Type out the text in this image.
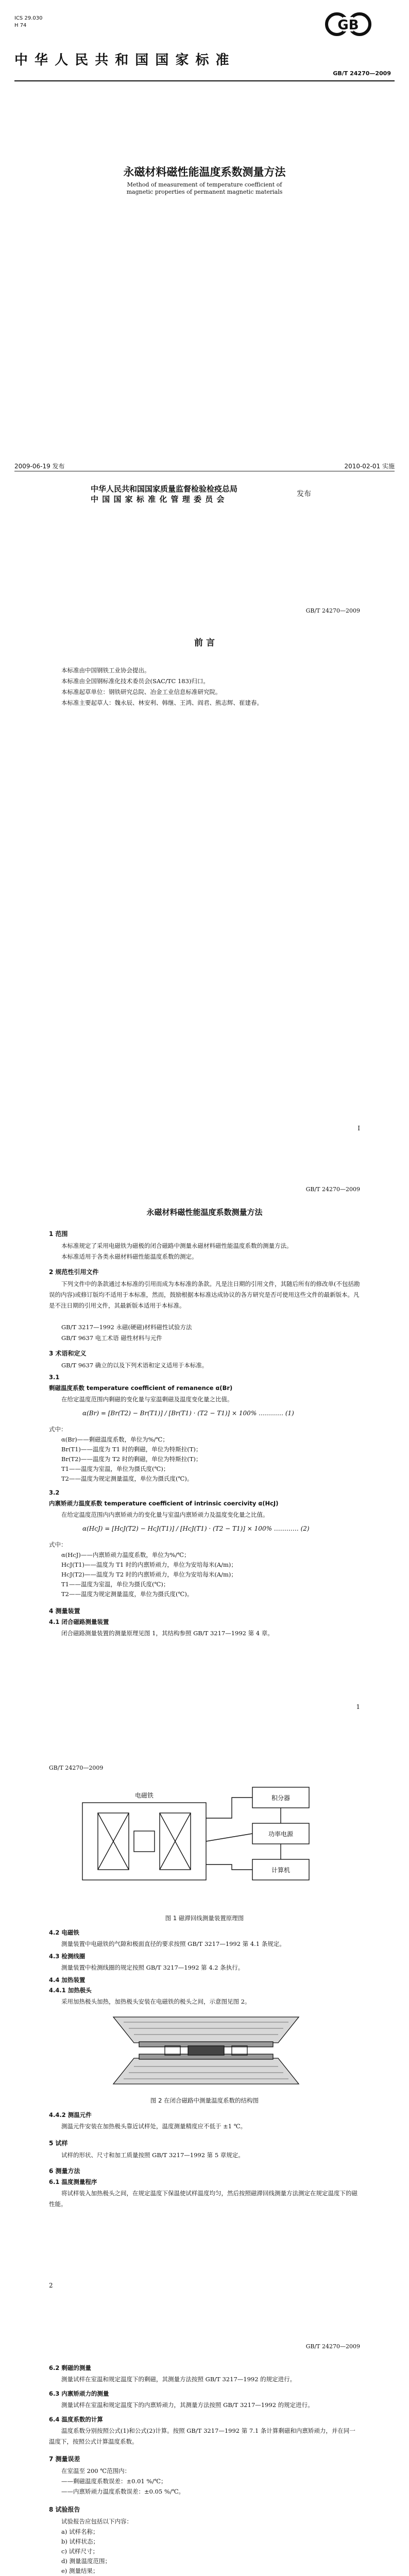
ICS 29.030
H 74	GB
中 华 人 民 共 和 国 国 家 标 准
GB/T 24270—2009
永磁材料磁性能温度系数测量方法
Method of measurement of temperature coefficient of
magnetic properties of permanent magnetic materials
2009-06-19 发布	2010-02-01 实施
中华人民共和国国家质量监督检验检疫总局
中 国 国 家 标 准 化 管 理 委 员 会
发布
GB/T 24270—2009
前 言
本标准由中国钢铁工业协会提出。
本标准由全国钢标准化技术委员会(SAC/TC 183)归口。
本标准起草单位：钢铁研究总院、冶金工业信息标准研究院。
本标准主要起草人：魏永辰、林安利、韩继、王鸿、阎君、熊志辉、崔建春。
Ⅰ
GB/T 24270—2009
永磁材料磁性能温度系数测量方法
1 范围
本标准规定了采用电磁铁为磁极的闭合磁路中测量永磁材料磁性能温度系数的测量方法。
本标准适用于各类永磁材料磁性能温度系数的测定。
2 规范性引用文件
下列文件中的条款通过本标准的引用而成为本标准的条款。凡是注日期的引用文件，其随后所有的修改单(不包括勘误的内容)或修订版均不适用于本标准，然而，鼓励根据本标准达成协议的各方研究是否可使用这些文件的最新版本。凡是不注日期的引用文件，其最新版本适用于本标准。
GB/T 3217—1992 永磁(硬磁)材料磁性试验方法
GB/T 9637 电工术语 磁性材料与元件
3 术语和定义
GB/T 9637 确立的以及下列术语和定义适用于本标准。
3.1
剩磁温度系数 temperature coefficient of remanence α(Br)
在给定温度范围内剩磁的变化量与室温剩磁及温度变化量之比值。
α(Br) = [Br(T2) − Br(T1)] / [Br(T1) · (T2 − T1)] × 100% ………… (1)
式中：
α(Br)——剩磁温度系数，单位为%/℃；
Br(T1)——温度为 T1 时的剩磁，单位为特斯拉(T)；
Br(T2)——温度为 T2 时的剩磁，单位为特斯拉(T)；
T1——温度为室温，单位为摄氏度(℃)；
T2——温度为规定测量温度，单位为摄氏度(℃)。
3.2
内禀矫顽力温度系数 temperature coefficient of intrinsic coercivity α(HcJ)
在给定温度范围内内禀矫顽力的变化量与室温内禀矫顽力及温度变化量之比值。
α(HcJ) = [HcJ(T2) − HcJ(T1)] / [HcJ(T1) · (T2 − T1)] × 100% ………… (2)
式中：
α(HcJ)——内禀矫顽力温度系数，单位为%/℃；
HcJ(T1)——温度为 T1 时的内禀矫顽力，单位为安培每米(A/m)；
HcJ(T2)——温度为 T2 时的内禀矫顽力，单位为安培每米(A/m)；
T1——温度为室温，单位为摄氏度(℃)；
T2——温度为规定测量温度，单位为摄氏度(℃)。
4 测量装置
4.1 闭合磁路测量装置
闭合磁路测量装置的测量原理见图 1，其结构参照 GB/T 3217—1992 第 4 章。
1
GB/T 24270—2009
电磁铁	积分器
功率电源
计算机
图 1 磁滞回线测量装置原理图
4.2 电磁铁
测量装置中电磁铁的气隙和极面直径的要求按照 GB/T 3217—1992 第 4.1 条规定。
4.3 检测线圈
测量装置中检测线圈的规定按照 GB/T 3217—1992 第 4.2 条执行。
4.4 加热装置
4.4.1 加热极头
采用加热极头加热，加热极头安装在电磁铁的极头之间，示意图见图 2。
图 2 在闭合磁路中测量温度系数的结构图
4.4.2 测温元件
测温元件安装在加热极头靠近试样处，温度测量精度应不低于 ±1 ℃。
5 试样
试样的形状、尺寸和加工质量按照 GB/T 3217—1992 第 5 章规定。
6 测量方法
6.1 温度测量程序
将试样装入加热极头之间，在规定温度下保温使试样温度均匀，然后按照磁滞回线测量方法测定在规定温度下的磁性能。
2
GB/T 24270—2009
6.2 剩磁的测量
测量试样在室温和规定温度下的剩磁，其测量方法按照 GB/T 3217—1992 的规定进行。
6.3 内禀矫顽力的测量
测量试样在室温和规定温度下的内禀矫顽力，其测量方法按照 GB/T 3217—1992 的规定进行。
6.4 温度系数的计算
温度系数分别按照公式(1)和公式(2)计算。按照 GB/T 3217—1992 第 7.1 条计算剩磁和内禀矫顽力，并在同一温度下，按照公式计算温度系数。
7 测量误差
在室温至 200 ℃范围内：
——剩磁温度系数误差：±0.01 %/℃；
——内禀矫顽力温度系数误差：±0.05 %/℃。
8 试验报告
试验报告应包括以下内容：
a) 试样名称；
b) 试样状态；
c) 试样尺寸；
d) 测量温度范围；
e) 测量结果；
